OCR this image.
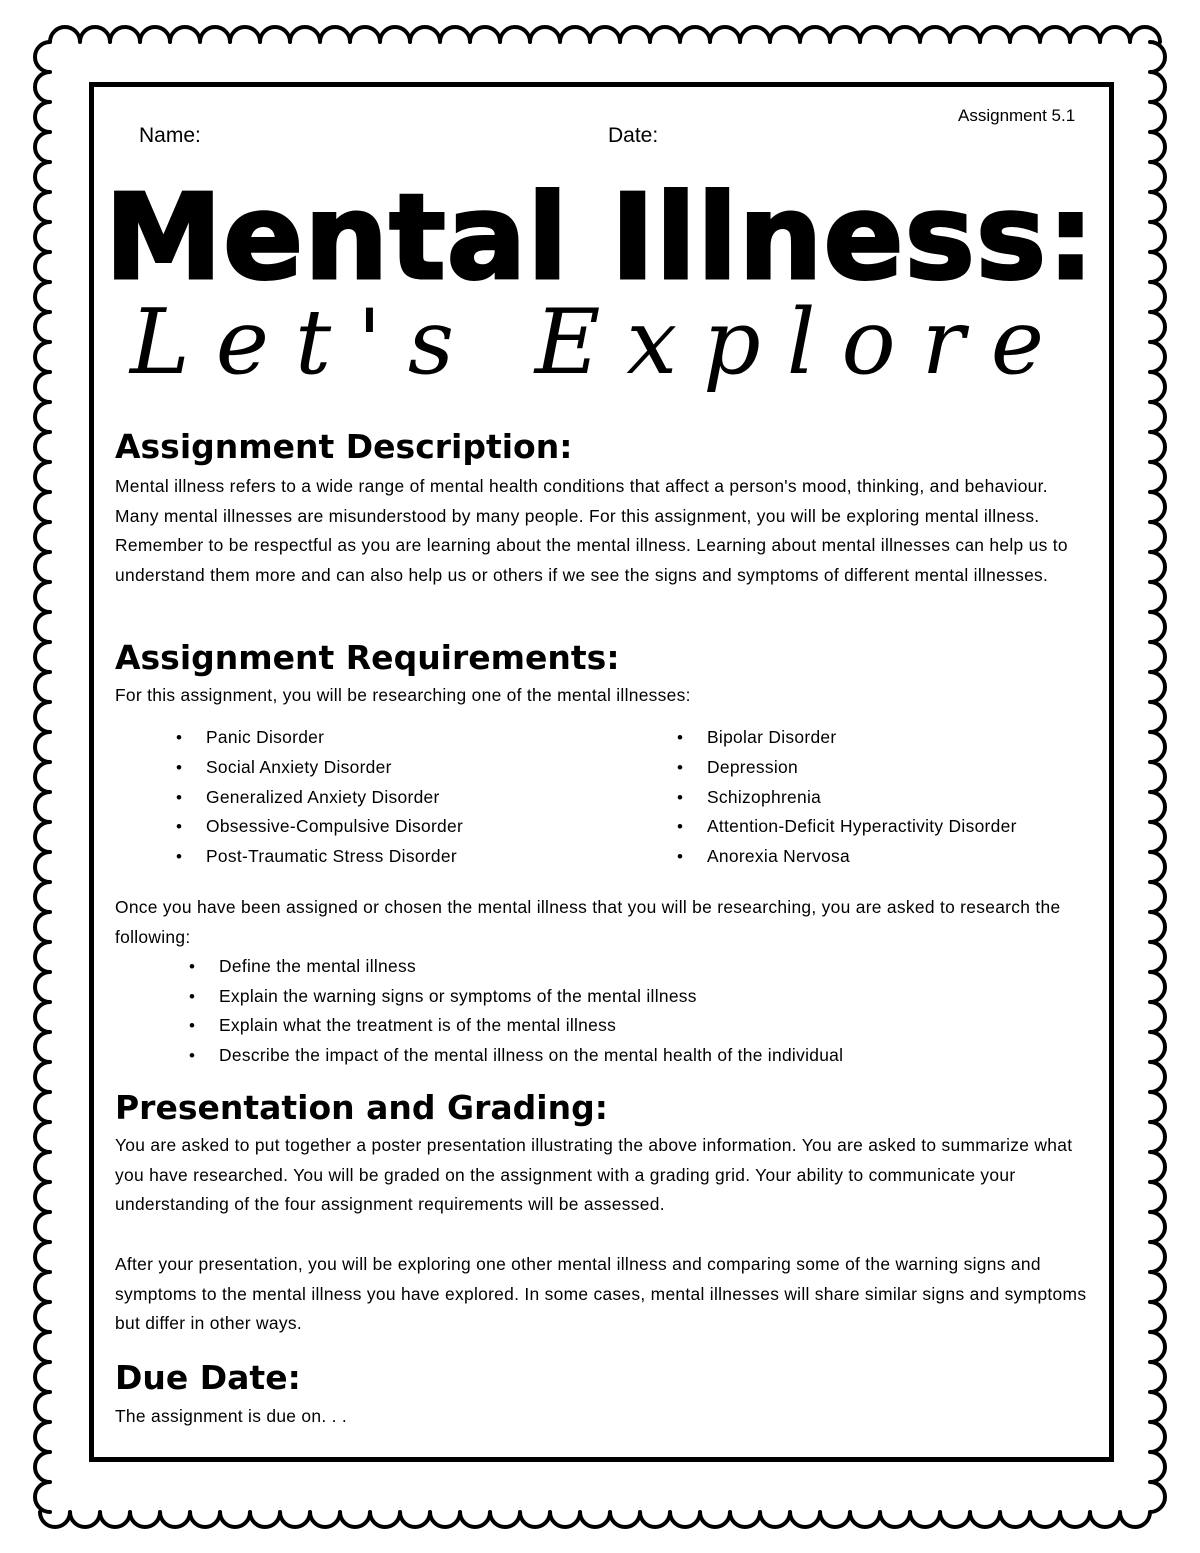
Assignment 5.1
Name:	Date:
Mental Illness:
Let's Explore
Assignment Description:
Mental illness refers to a wide range of mental health conditions that affect a person's mood, thinking, and behaviour. Many mental illnesses are misunderstood by many people. For this assignment, you will be exploring mental illness. Remember to be respectful as you are learning about the mental illness. Learning about mental illnesses can help us to understand them more and can also help us or others if we see the signs and symptoms of different mental illnesses.
Assignment Requirements:
For this assignment, you will be researching one of the mental illnesses:
• Panic Disorder
• Social Anxiety Disorder
• Generalized Anxiety Disorder
• Obsessive-Compulsive Disorder
• Post-Traumatic Stress Disorder
• Bipolar Disorder
• Depression
• Schizophrenia
• Attention-Deficit Hyperactivity Disorder
• Anorexia Nervosa
Once you have been assigned or chosen the mental illness that you will be researching, you are asked to research the following:
• Define the mental illness
• Explain the warning signs or symptoms of the mental illness
• Explain what the treatment is of the mental illness
• Describe the impact of the mental illness on the mental health of the individual
Presentation and Grading:
You are asked to put together a poster presentation illustrating the above information. You are asked to summarize what you have researched. You will be graded on the assignment with a grading grid. Your ability to communicate your understanding of the four assignment requirements will be assessed.
After your presentation, you will be exploring one other mental illness and comparing some of the warning signs and symptoms to the mental illness you have explored. In some cases, mental illnesses will share similar signs and symptoms but differ in other ways.
Due Date:
The assignment is due on. . .
